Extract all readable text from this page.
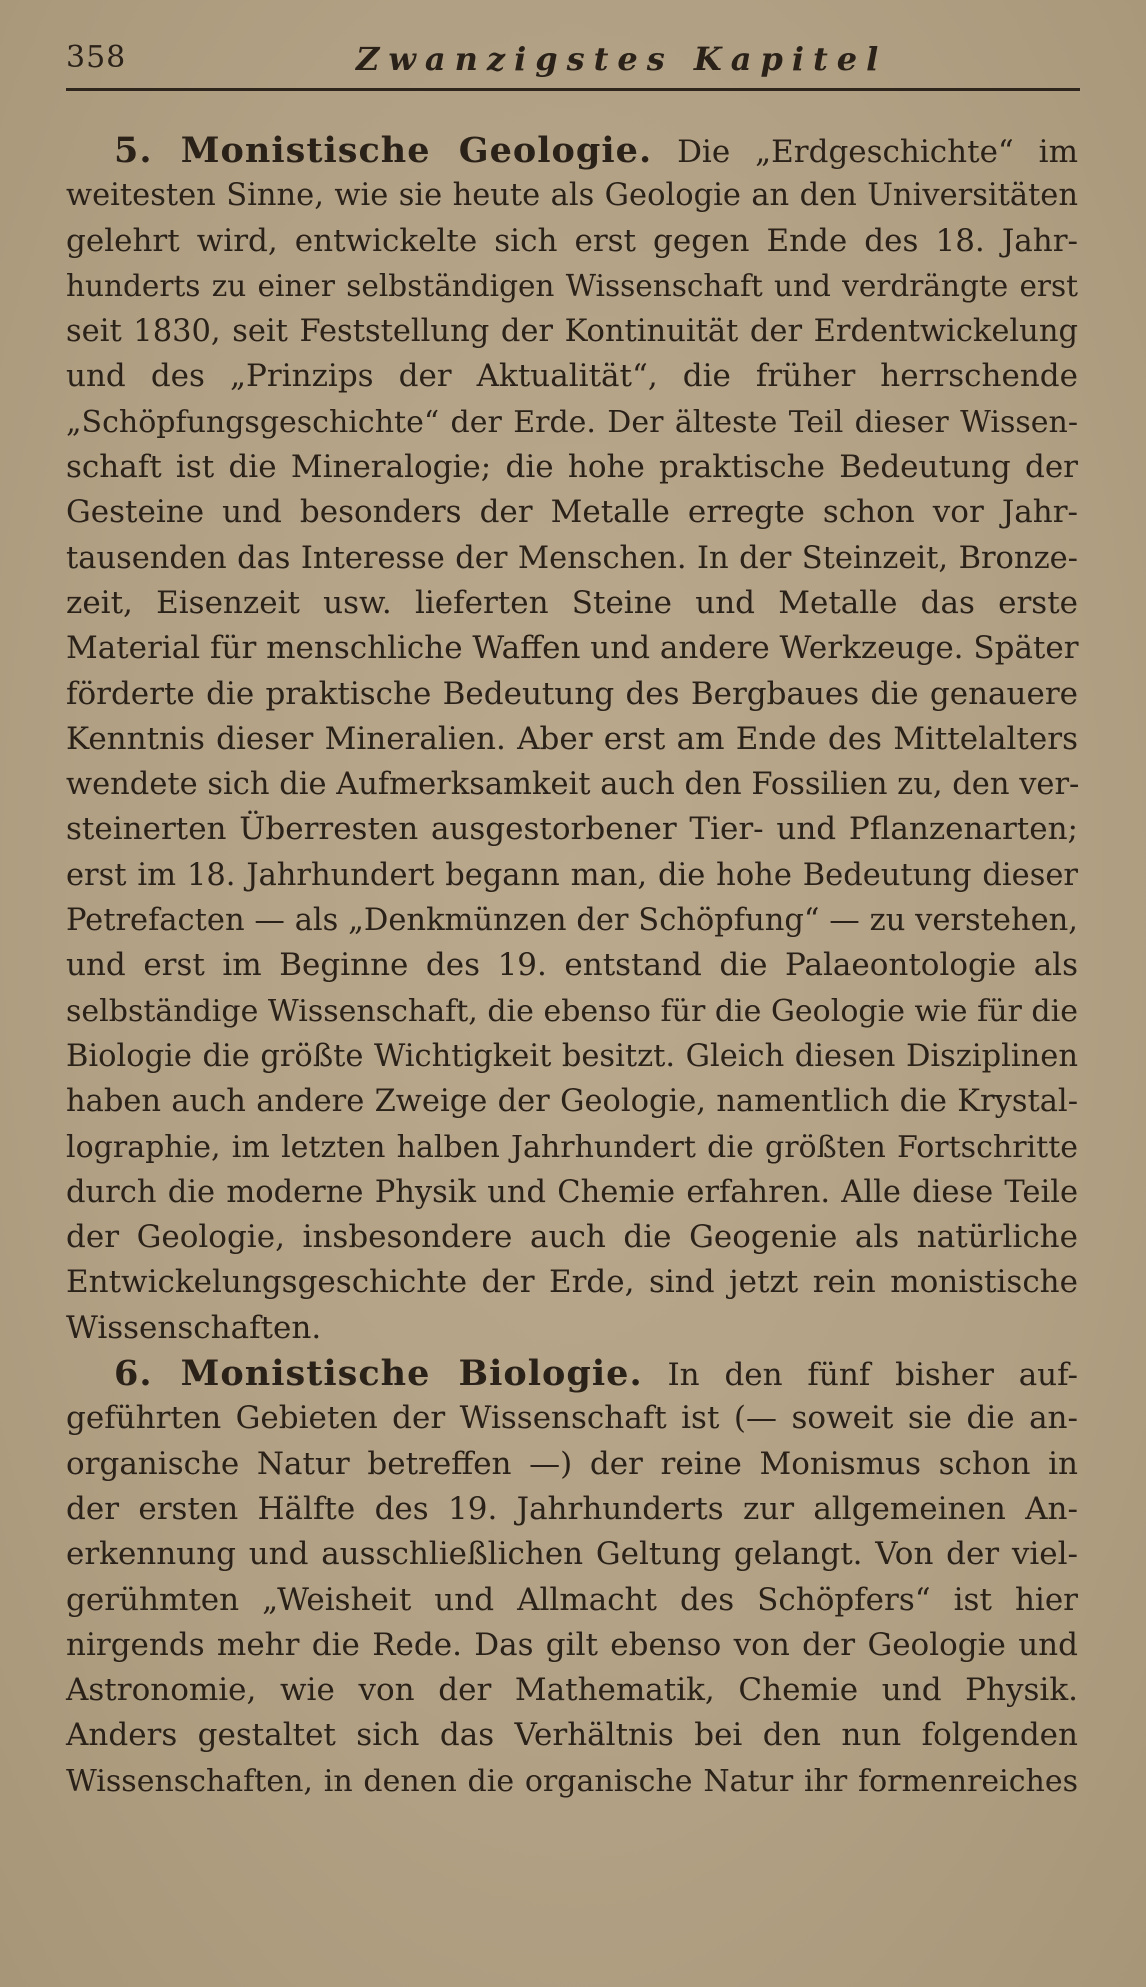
358	Zwanzigstes Kapitel
5. Monistische Geologie. Die „Erdgeschichte“ im
weitesten Sinne, wie sie heute als Geologie an den Universitäten
gelehrt wird, entwickelte sich erst gegen Ende des 18. Jahr-
hunderts zu einer selbständigen Wissenschaft und verdrängte erst
seit 1830, seit Feststellung der Kontinuität der Erdentwickelung
und des „Prinzips der Aktualität“, die früher herrschende
„Schöpfungsgeschichte“ der Erde. Der älteste Teil dieser Wissen-
schaft ist die Mineralogie; die hohe praktische Bedeutung der
Gesteine und besonders der Metalle erregte schon vor Jahr-
tausenden das Interesse der Menschen. In der Steinzeit, Bronze-
zeit, Eisenzeit usw. lieferten Steine und Metalle das erste
Material für menschliche Waffen und andere Werkzeuge. Später
förderte die praktische Bedeutung des Bergbaues die genauere
Kenntnis dieser Mineralien. Aber erst am Ende des Mittelalters
wendete sich die Aufmerksamkeit auch den Fossilien zu, den ver-
steinerten Überresten ausgestorbener Tier- und Pflanzenarten;
erst im 18. Jahrhundert begann man, die hohe Bedeutung dieser
Petrefacten — als „Denkmünzen der Schöpfung“ — zu verstehen,
und erst im Beginne des 19. entstand die Palaeontologie als
selbständige Wissenschaft, die ebenso für die Geologie wie für die
Biologie die größte Wichtigkeit besitzt. Gleich diesen Disziplinen
haben auch andere Zweige der Geologie, namentlich die Krystal-
lographie, im letzten halben Jahrhundert die größten Fortschritte
durch die moderne Physik und Chemie erfahren. Alle diese Teile
der Geologie, insbesondere auch die Geogenie als natürliche
Entwickelungsgeschichte der Erde, sind jetzt rein monistische
Wissenschaften.
6. Monistische Biologie. In den fünf bisher auf-
geführten Gebieten der Wissenschaft ist (— soweit sie die an-
organische Natur betreffen —) der reine Monismus schon in
der ersten Hälfte des 19. Jahrhunderts zur allgemeinen An-
erkennung und ausschließlichen Geltung gelangt. Von der viel-
gerühmten „Weisheit und Allmacht des Schöpfers“ ist hier
nirgends mehr die Rede. Das gilt ebenso von der Geologie und
Astronomie, wie von der Mathematik, Chemie und Physik.
Anders gestaltet sich das Verhältnis bei den nun folgenden
Wissenschaften, in denen die organische Natur ihr formenreiches
